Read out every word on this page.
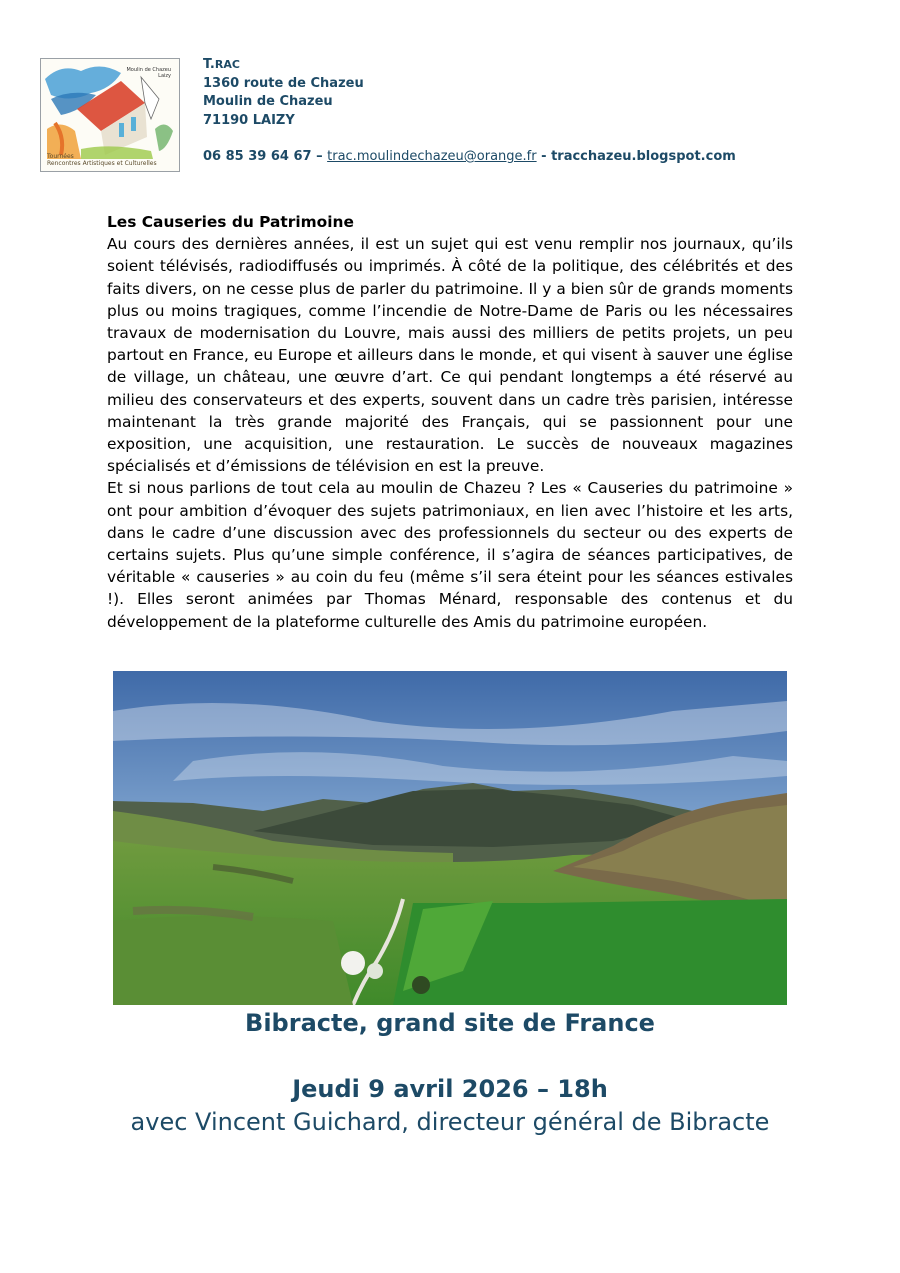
Moulin de Chazeu
Laizy
Tournées
Rencontres Artistiques et Culturelles
T.RAC
1360 route de Chazeu
Moulin de Chazeu
71190 LAIZY
06 85 39 64 67 – trac.moulindechazeu@orange.fr - tracchazeu.blogspot.com
Les Causeries du Patrimoine

Au cours des dernières années, il est un sujet qui est venu remplir nos journaux, qu’ils soient télévisés, radiodiffusés ou imprimés. À côté de la politique, des célébrités et des faits divers, on ne cesse plus de parler du patrimoine. Il y a bien sûr de grands moments plus ou moins tragiques, comme l’incendie de Notre-Dame de Paris ou les nécessaires travaux de modernisation du Louvre, mais aussi des milliers de petits projets, un peu partout en France, eu Europe et ailleurs dans le monde, et qui visent à sauver une église de village, un château, une œuvre d’art. Ce qui pendant longtemps a été réservé au milieu des conservateurs et des experts, souvent dans un cadre très parisien, intéresse maintenant la très grande majorité des Français, qui se passionnent pour une exposition, une acquisition, une restauration. Le succès de nouveaux magazines spécialisés et d’émissions de télévision en est la preuve.

Et si nous parlions de tout cela au moulin de Chazeu ? Les « Causeries du patrimoine » ont pour ambition d’évoquer des sujets patrimoniaux, en lien avec l’histoire et les arts, dans le cadre d’une discussion avec des professionnels du secteur ou des experts de certains sujets. Plus qu’une simple conférence, il s’agira de séances participatives, de véritable « causeries » au coin du feu (même s’il sera éteint pour les séances estivales !). Elles seront animées par Thomas Ménard, responsable des contenus et du développement de la plateforme culturelle des Amis du patrimoine européen.

Bibracte, grand site de France
Jeudi 9 avril 2026 – 18h
avec Vincent Guichard, directeur général de Bibracte
